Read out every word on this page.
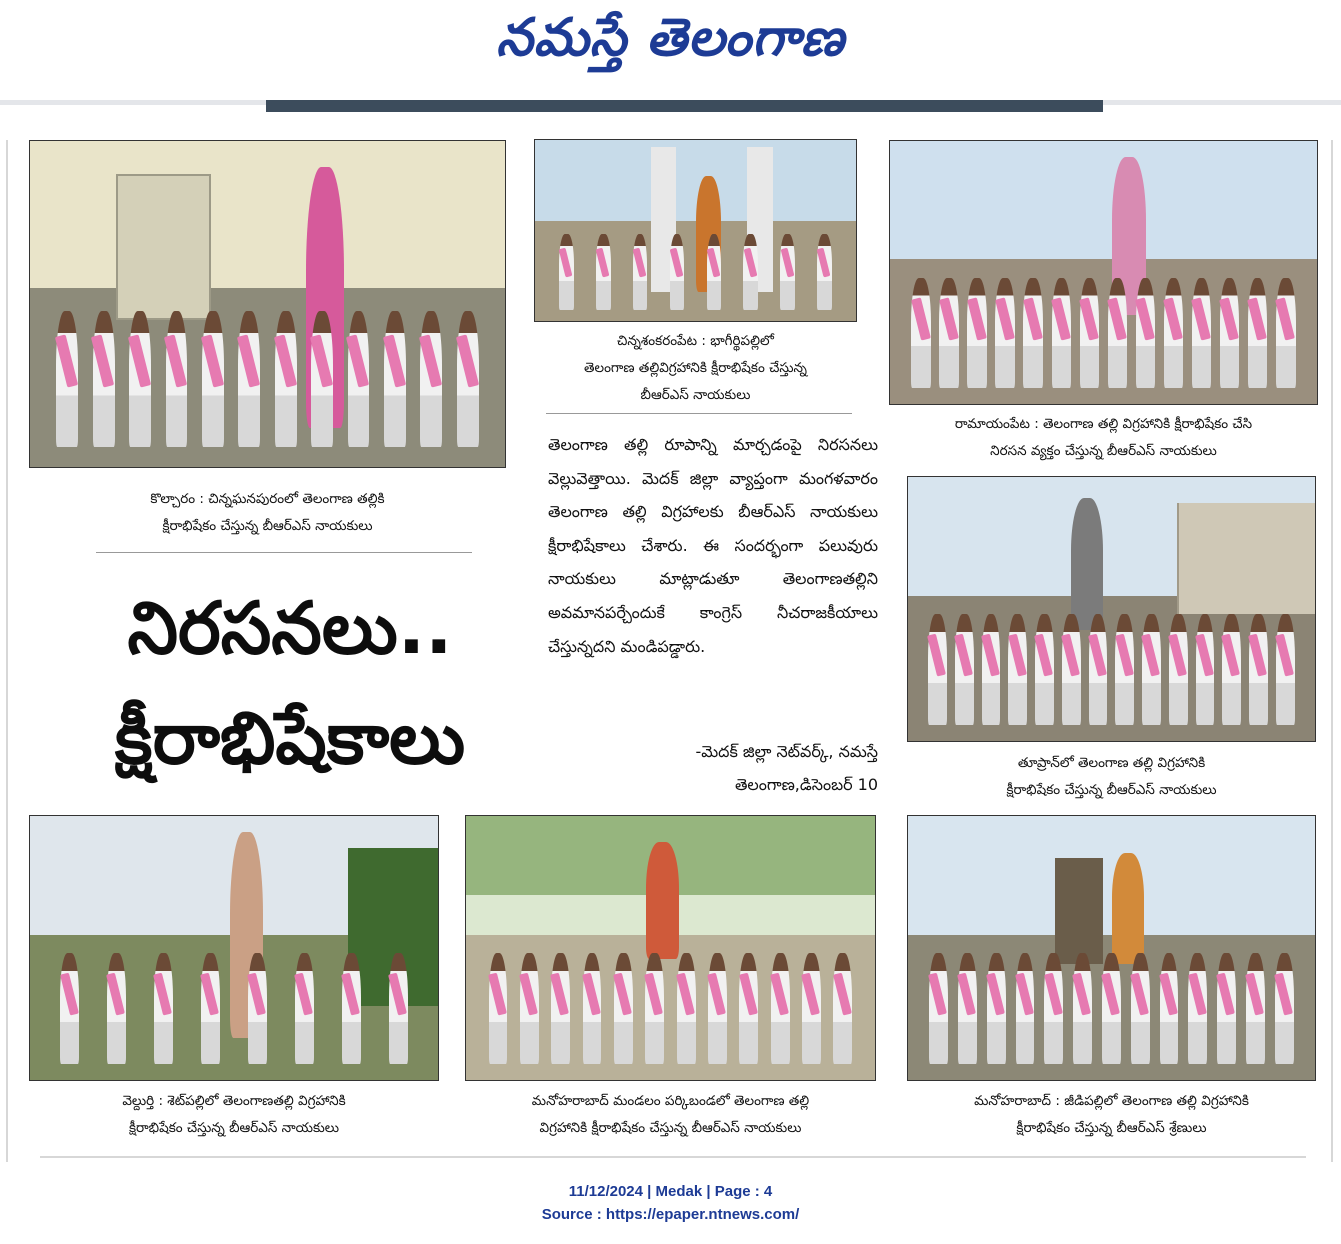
నమస్తే తెలంగాణ
కొల్చారం : చిన్నఘనపురంలో తెలంగాణ తల్లికి
క్షీరాభిషేకం చేస్తున్న బీఆర్ఎస్ నాయకులు
చిన్నశంకరంపేట : భాగీర్థిపల్లిలో
తెలంగాణ తల్లివిగ్రహానికి క్షీరాభిషేకం చేస్తున్న
బీఆర్ఎస్ నాయకులు
రామాయంపేట : తెలంగాణ తల్లి విగ్రహానికి క్షీరాభిషేకం చేసి
నిరసన వ్యక్తం చేస్తున్న బీఆర్ఎస్ నాయకులు
నిరసనలు..
క్షీరాభిషేకాలు

తెలంగాణ తల్లి రూపాన్ని మార్చడంపై నిరసనలు వెల్లువెత్తాయి. మెదక్ జిల్లా వ్యాప్తంగా మంగళవారం తెలంగాణ తల్లి విగ్రహాలకు బీఆర్ఎస్ నాయకులు క్షీరాభిషేకాలు చేశారు. ఈ సందర్భంగా పలువురు నాయకులు మాట్లాడుతూ తెలంగాణతల్లిని అవమానపర్చేందుకే కాంగ్రెస్ నీచరాజకీయాలు చేస్తున్నదని మండిపడ్డారు.

-మెదక్ జిల్లా నెట్‌వర్క్, నమస్తే
తెలంగాణ,డిసెంబర్ 10
తూప్రాన్‌లో తెలంగాణ తల్లి విగ్రహానికి
క్షీరాభిషేకం చేస్తున్న బీఆర్ఎస్ నాయకులు
వెల్దుర్తి : శెట్‌పల్లిలో తెలంగాణతల్లి విగ్రహానికి
క్షీరాభిషేకం చేస్తున్న బీఆర్ఎస్ నాయకులు
మనోహరాబాద్ మండలం పర్కిబండలో తెలంగాణ తల్లి
విగ్రహానికి క్షీరాభిషేకం చేస్తున్న బీఆర్ఎస్ నాయకులు
మనోహరాబాద్ : జీడిపల్లిలో తెలంగాణ తల్లి విగ్రహానికి
క్షీరాభిషేకం చేస్తున్న బీఆర్ఎస్ శ్రేణులు
11/12/2024 | Medak | Page : 4
Source : https://epaper.ntnews.com/
